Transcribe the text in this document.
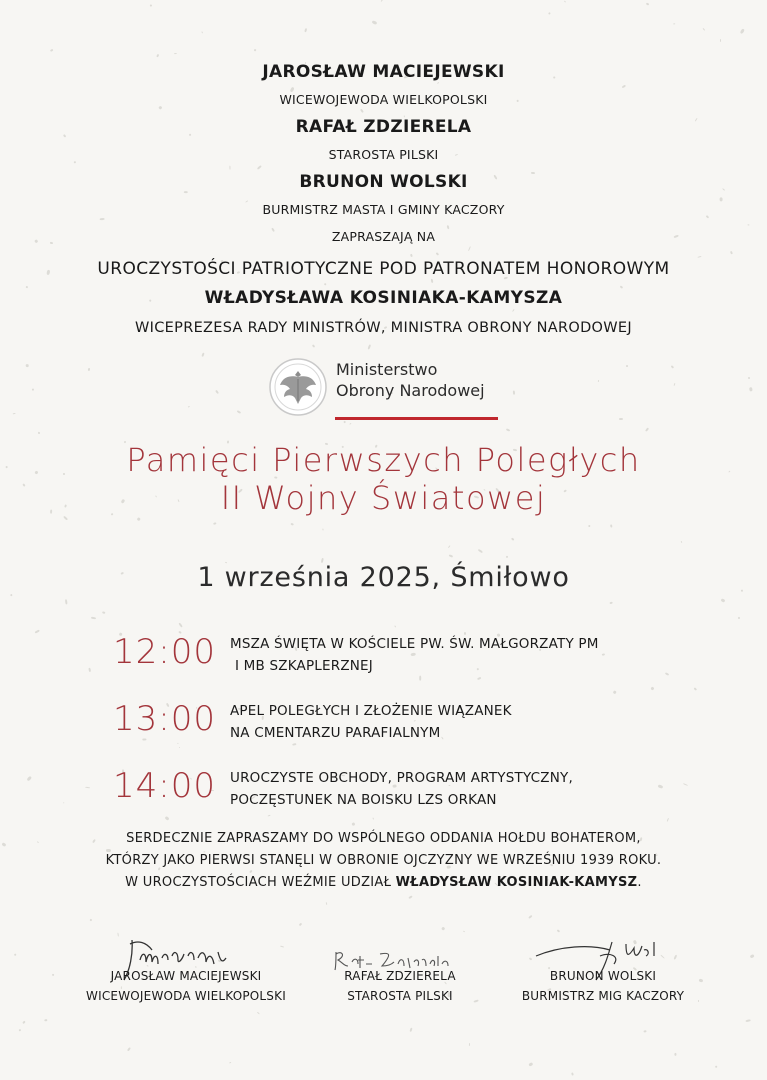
JAROSŁAW MACIEJEWSKI
WICEWOJEWODA WIELKOPOLSKI
RAFAŁ ZDZIERELA
STAROSTA PILSKI
BRUNON WOLSKI
BURMISTRZ MASTA I GMINY KACZORY
ZAPRASZAJĄ NA
UROCZYSTOŚCI PATRIOTYCZNE POD PATRONATEM HONOROWYM
WŁADYSŁAWA KOSINIAKA-KAMYSZA
WICEPREZESA RADY MINISTRÓW, MINISTRA OBRONY NARODOWEJ
Ministerstwo
Obrony Narodowej
Pamięci Pierwszych Poległych
II Wojny Światowej
1 września 2025, Śmiłowo
12:00 MSZA ŚWIĘTA W KOŚCIELE PW. ŚW. MAŁGORZATY PM
I MB SZKAPLERZNEJ
13:00 APEL POLEGŁYCH I ZŁOŻENIE WIĄZANEK
NA CMENTARZU PARAFIALNYM
14:00 UROCZYSTE OBCHODY, PROGRAM ARTYSTYCZNY,
POCZĘSTUNEK NA BOISKU LZS ORKAN
SERDECZNIE ZAPRASZAMY DO WSPÓLNEGO ODDANIA HOŁDU BOHATEROM,
KTÓRZY JAKO PIERWSI STANĘLI W OBRONIE OJCZYZNY WE WRZEŚNIU 1939 ROKU.
W UROCZYSTOŚCIACH WEŹMIE UDZIAŁ WŁADYSŁAW KOSINIAK-KAMYSZ.
JAROSŁAW MACIEJEWSKI
WICEWOJEWODA WIELKOPOLSKI
RAFAŁ ZDZIERELA
STAROSTA PILSKI
BRUNON WOLSKI
BURMISTRZ MIG KACZORY
